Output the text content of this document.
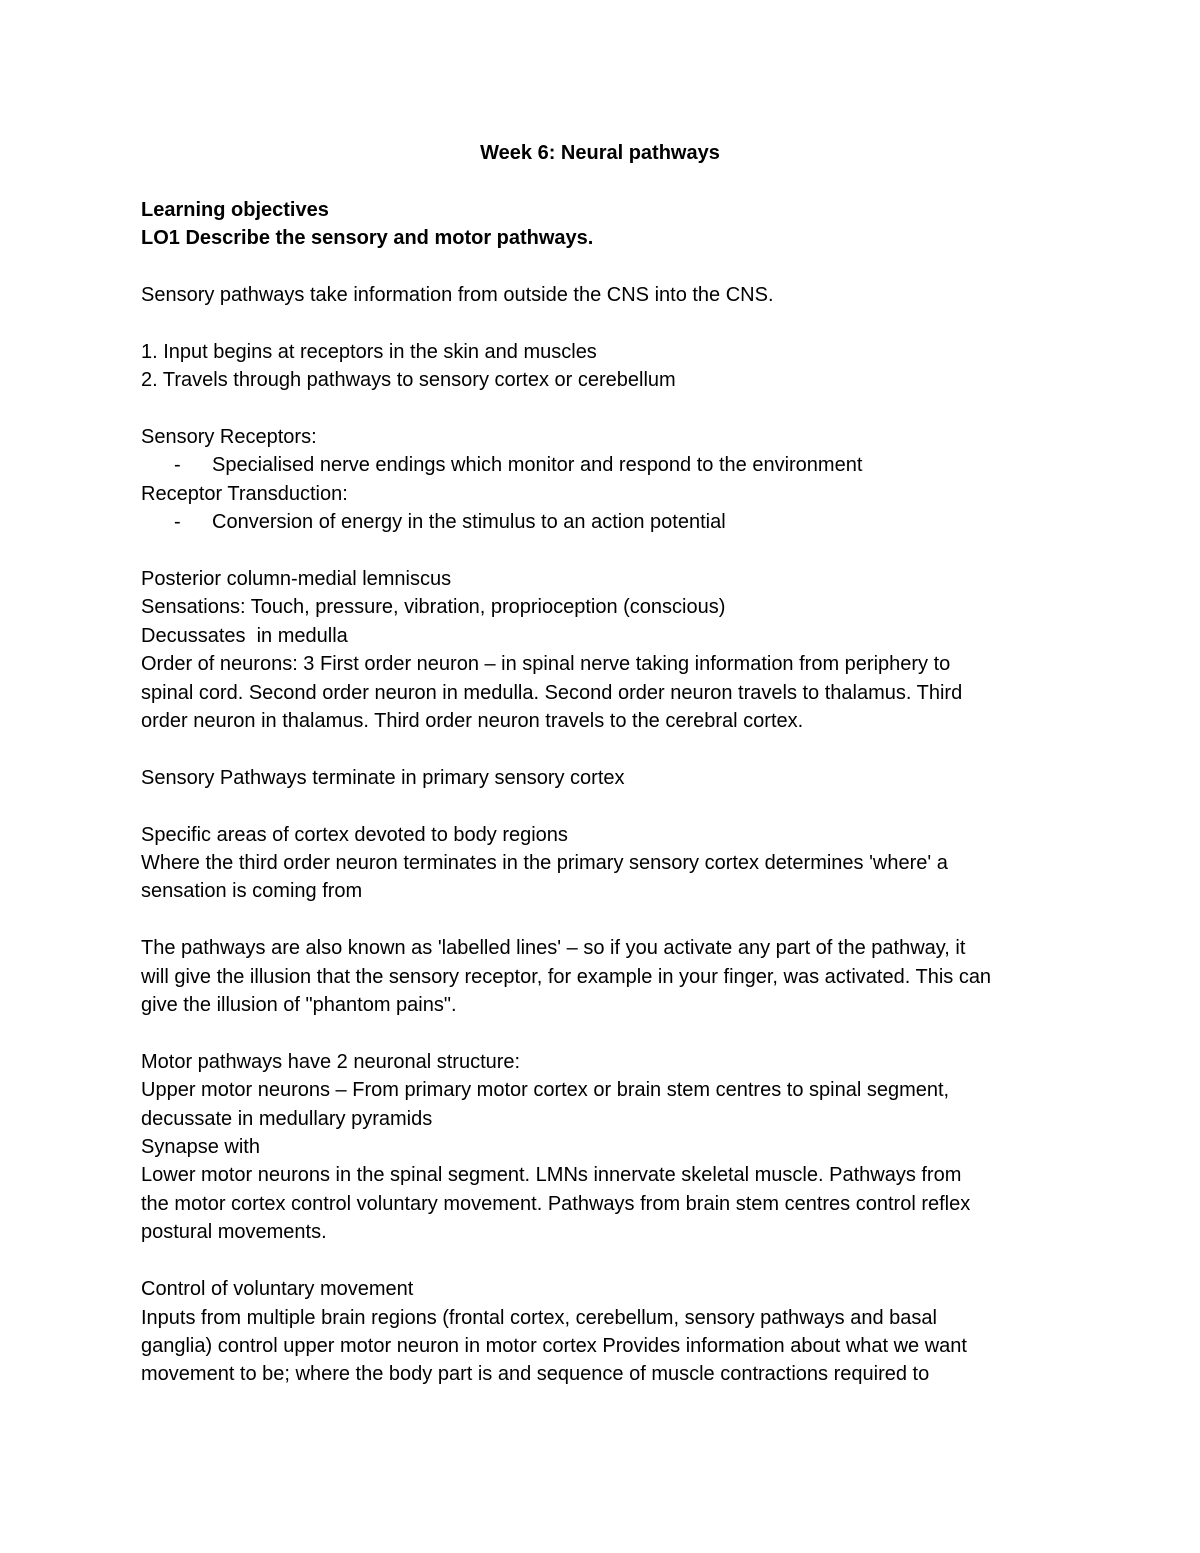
Week 6: Neural pathways
Learning objectives
LO1 Describe the sensory and motor pathways.
Sensory pathways take information from outside the CNS into the CNS.
1. Input begins at receptors in the skin and muscles
2. Travels through pathways to sensory cortex or cerebellum
Sensory Receptors:
-	Specialised nerve endings which monitor and respond to the environment
Receptor Transduction:
-	Conversion of energy in the stimulus to an action potential
Posterior column-medial lemniscus
Sensations: Touch, pressure, vibration, proprioception (conscious)
Decussates  in medulla
Order of neurons: 3 First order neuron – in spinal nerve taking information from periphery to
spinal cord. Second order neuron in medulla. Second order neuron travels to thalamus. Third
order neuron in thalamus. Third order neuron travels to the cerebral cortex.
Sensory Pathways terminate in primary sensory cortex
Specific areas of cortex devoted to body regions
Where the third order neuron terminates in the primary sensory cortex determines 'where' a
sensation is coming from
The pathways are also known as 'labelled lines' – so if you activate any part of the pathway, it
will give the illusion that the sensory receptor, for example in your finger, was activated. This can
give the illusion of "phantom pains".
Motor pathways have 2 neuronal structure:
Upper motor neurons – From primary motor cortex or brain stem centres to spinal segment,
decussate in medullary pyramids
Synapse with
Lower motor neurons in the spinal segment. LMNs innervate skeletal muscle. Pathways from
the motor cortex control voluntary movement. Pathways from brain stem centres control reflex
postural movements.
Control of voluntary movement
Inputs from multiple brain regions (frontal cortex, cerebellum, sensory pathways and basal
ganglia) control upper motor neuron in motor cortex Provides information about what we want
movement to be; where the body part is and sequence of muscle contractions required to
